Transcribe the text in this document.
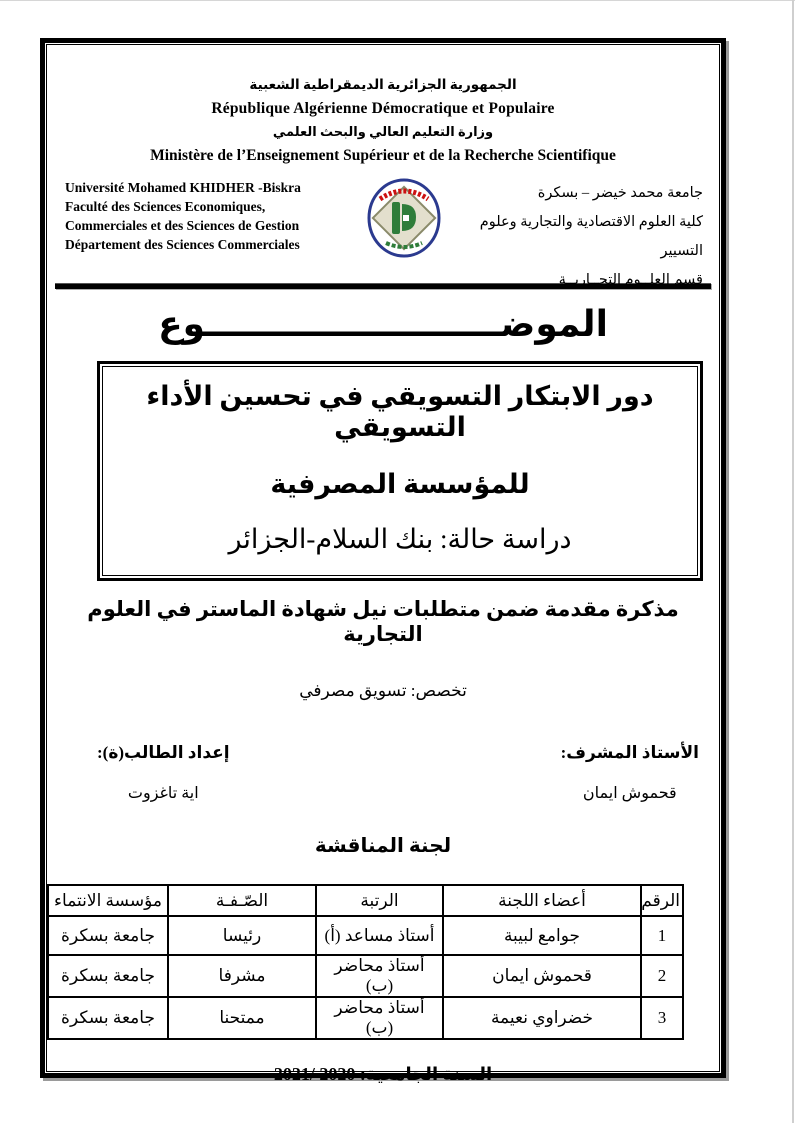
الجمهورية الجزائرية الديمقراطية الشعبية
République Algérienne Démocratique et Populaire
وزارة التعليم العالي والبحث العلمي
Ministère de l’Enseignement Supérieur et de la Recherche Scientifique
Université Mohamed KHIDHER -Biskra
Faculté des Sciences Economiques,
Commerciales et des Sciences de Gestion
Département des Sciences Commerciales
جامعة محمد خيضر – بسكرة
كلية العلوم الاقتصادية والتجارية وعلوم التسيير
قسم العلــوم التجــاريــة
الموضــــــــــــــــــــــــوع
دور الابتكار التسويقي في تحسين الأداء التسويقي
للمؤسسة المصرفية
دراسة حالة: بنك السلام-الجزائر
مذكرة مقدمة ضمن متطلبات نيل شهادة الماستر في العلوم التجارية
تخصص: تسويق مصرفي
إعداد الطالب(ة):
اية تاغزوت
الأستاذ المشرف:
قحموش ايمان
لجنة المناقشة
الرقم	أعضاء اللجنة	الرتبة	الصّـفـة	مؤسسة الانتماء
1	جوامع لبيبة	أستاذ مساعد (أ)	رئيسا	جامعة بسكرة
2	قحموش ايمان	أستاذ محاضر (ب)	مشرفا	جامعة بسكرة
3	خضراوي نعيمة	أستاذ محاضر (ب)	ممتحنا	جامعة بسكرة
السنة الجامعية: 2020 /2021
